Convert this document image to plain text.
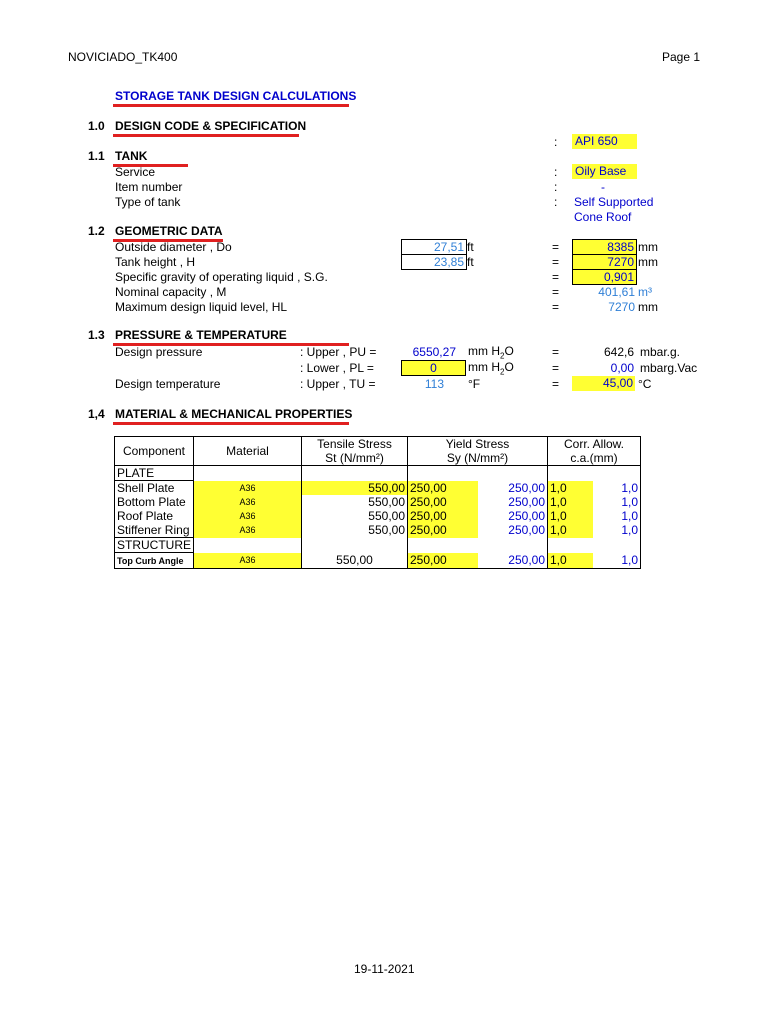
NOVICIADO_TK400	Page 1
STORAGE TANK DESIGN CALCULATIONS
1.0 DESIGN CODE & SPECIFICATION
: API 650
1.1 TANK
Service	: Oily Base
Item number	:	-
Type of tank	: Self Supported
Cone Roof
1.2 GEOMETRIC DATA
Outside diameter , Do	27,51 ft	=	8385 mm
Tank height , H	23,85 ft	=	7270 mm
Specific gravity of operating liquid , S.G.	=	0,901
Nominal capacity , M	=	401,61 m³
Maximum design liquid level, HL	=	7270 mm
1.3 PRESSURE & TEMPERATURE
Design pressure	: Upper , PU =	6550,27 mm $H_2O$	=	642,6 mbar.g.
: Lower , PL =	0	mm $H_2O$	=	0,00 mbarg.Vac
Design temperature	: Upper , TU =	113 °F	=	45,00 °C
1,4 MATERIAL & MECHANICAL PROPERTIES
Component	Material	Tensile Stress	Yield Stress		Corr. Allow.	
		St (N/mm²)	Sy (N/mm²)		c.a.(mm)	
PLATE						
Shell Plate	A36	550,00	250,00	250,00	1,0	1,0
Bottom Plate	A36	550,00	250,00	250,00	1,0	1,0
Roof Plate	A36	550,00	250,00	250,00	1,0	1,0
Stiffener Ring	A36	550,00	250,00	250,00	1,0	1,0
STRUCTURE						
Top Curb Angle	A36	550,00	250,00	250,00	1,0	1,0
19-11-2021
